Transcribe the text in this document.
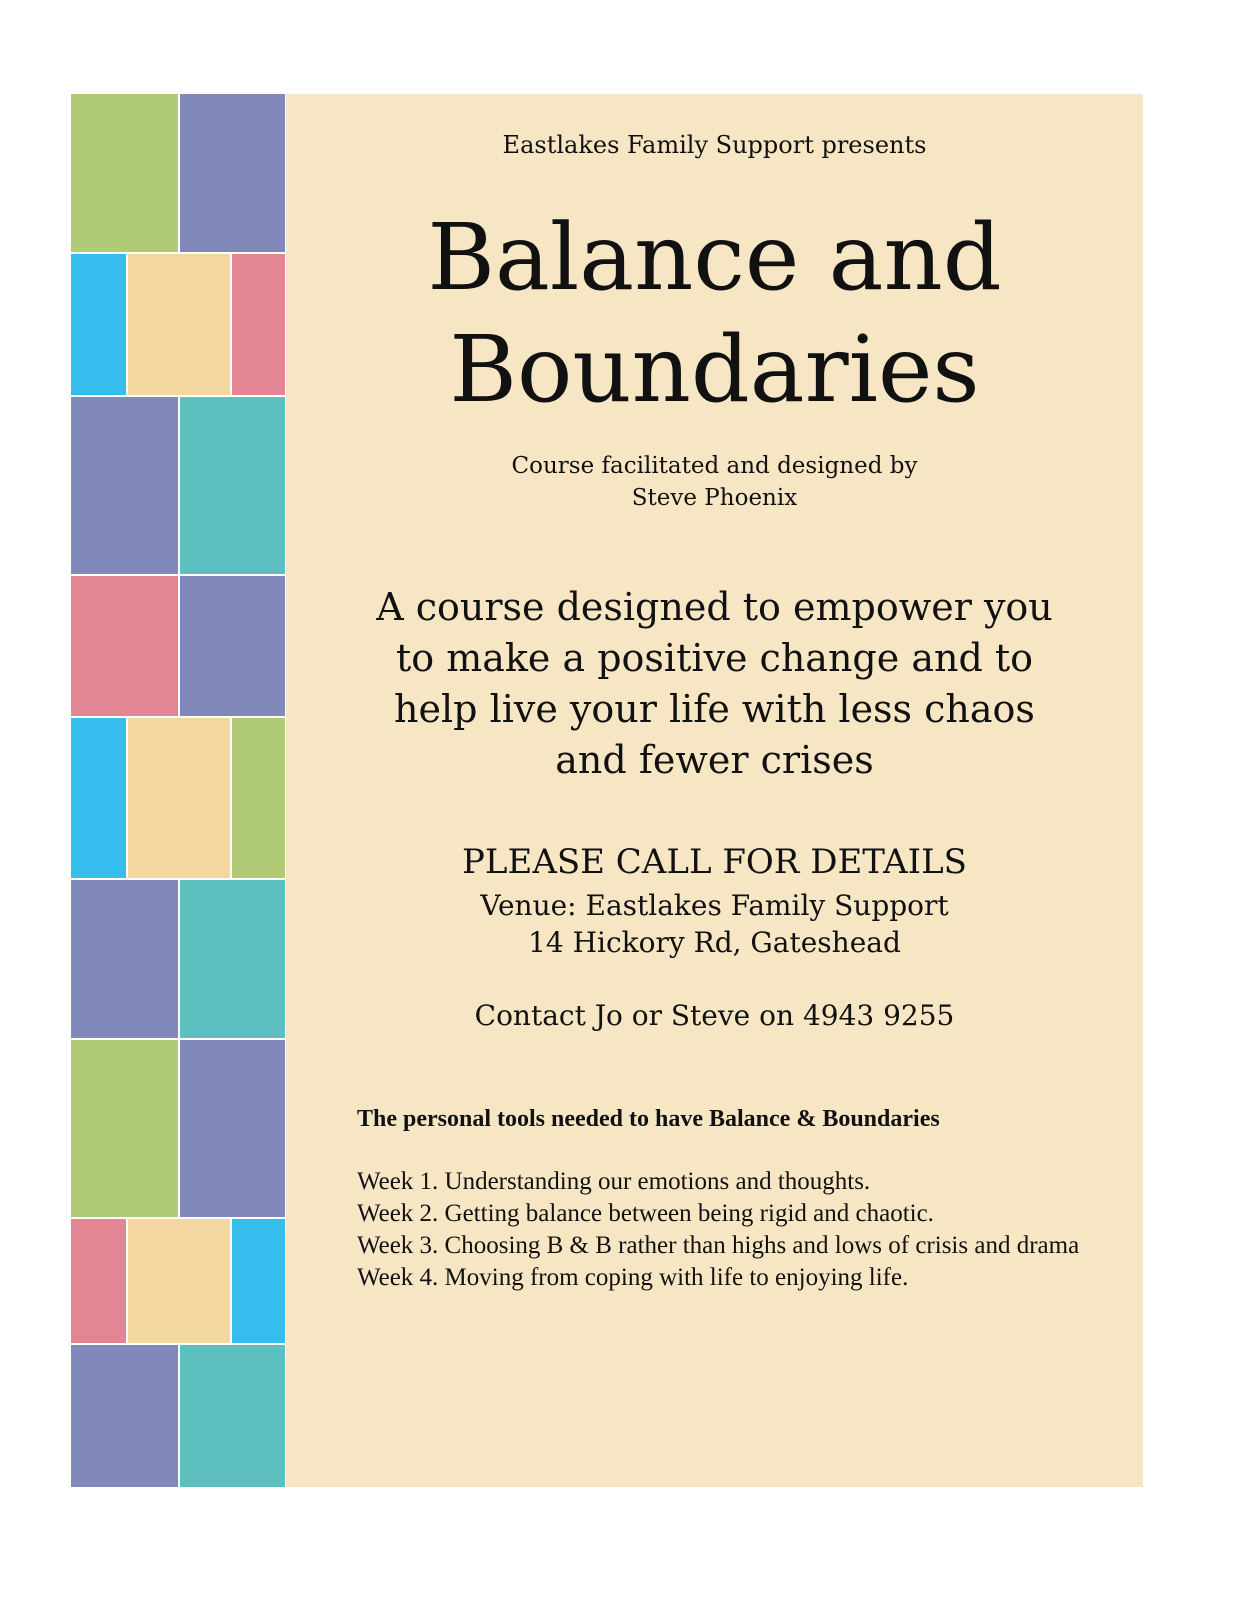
Eastlakes Family Support presents
Balance and
Boundaries
Course facilitated and designed by
Steve Phoenix
A course designed to empower you
to make a positive change and to
help live your life with less chaos
and fewer crises
PLEASE CALL FOR DETAILS
Venue: Eastlakes Family Support
14 Hickory Rd, Gateshead
Contact Jo or Steve on 4943 9255
The personal tools needed to have Balance & Boundaries
Week 1. Understanding our emotions and thoughts.
Week 2. Getting balance between being rigid and chaotic.
Week 3. Choosing B & B rather than highs and lows of crisis and drama
Week 4. Moving from coping with life to enjoying life.
